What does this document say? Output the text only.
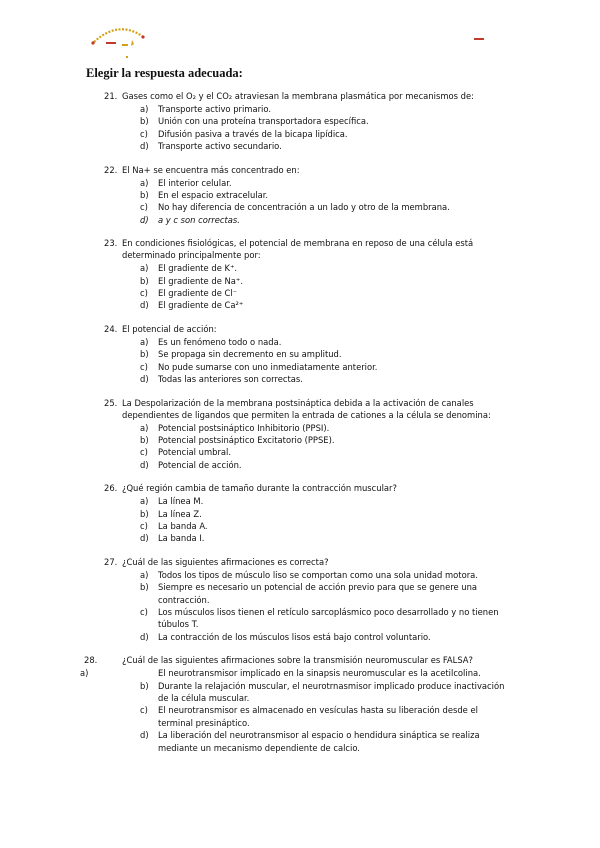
Elegir la respuesta adecuada:
21. Gases como el O₂ y el CO₂ atraviesan la membrana plasmática por mecanismos de:
a) Transporte activo primario.
b) Unión con una proteína transportadora específica.
c) Difusión pasiva a través de la bicapa lipídica.
d) Transporte activo secundario.
22. El Na+ se encuentra más concentrado en:
a) El interior celular.
b) En el espacio extracelular.
c) No hay diferencia de concentración a un lado y otro de la membrana.
d) a y c son correctas.
23. En condiciones fisiológicas, el potencial de membrana en reposo de una célula está determinado principalmente por:
a) El gradiente de K⁺.
b) El gradiente de Na⁺.
c) El gradiente de Cl⁻
d) El gradiente de Ca²⁺
24. El potencial de acción:
a) Es un fenómeno todo o nada.
b) Se propaga sin decremento en su amplitud.
c) No pude sumarse con uno inmediatamente anterior.
d) Todas las anteriores son correctas.
25. La Despolarización de la membrana postsináptica debida a la activación de canales dependientes de ligandos que permiten la entrada de cationes a la célula se denomina:
a) Potencial postsináptico Inhibitorio (PPSI).
b) Potencial postsináptico Excitatorio (PPSE).
c) Potencial umbral.
d) Potencial de acción.
26. ¿Qué región cambia de tamaño durante la contracción muscular?
a) La línea M.
b) La línea Z.
c) La banda A.
d) La banda I.
27. ¿Cuál de las siguientes afirmaciones es correcta?
a) Todos los tipos de músculo liso se comportan como una sola unidad motora.
b) Siempre es necesario un potencial de acción previo para que se genere una contracción.
c) Los músculos lisos tienen el retículo sarcoplásmico poco desarrollado y no tienen túbulos T.
d) La contracción de los músculos lisos está bajo control voluntario.
28.	¿Cuál de las siguientes afirmaciones sobre la transmisión neuromuscular es FALSA?
a)	El neurotransmisor implicado en la sinapsis neuromuscular es la acetilcolina.
b) Durante la relajación muscular, el neurotrnasmisor implicado produce inactivación de la célula muscular.
c) El neurotransmisor es almacenado en vesículas hasta su liberación desde el terminal presináptico.
d) La liberación del neurotransmisor al espacio o hendidura sináptica se realiza mediante un mecanismo dependiente de calcio.
